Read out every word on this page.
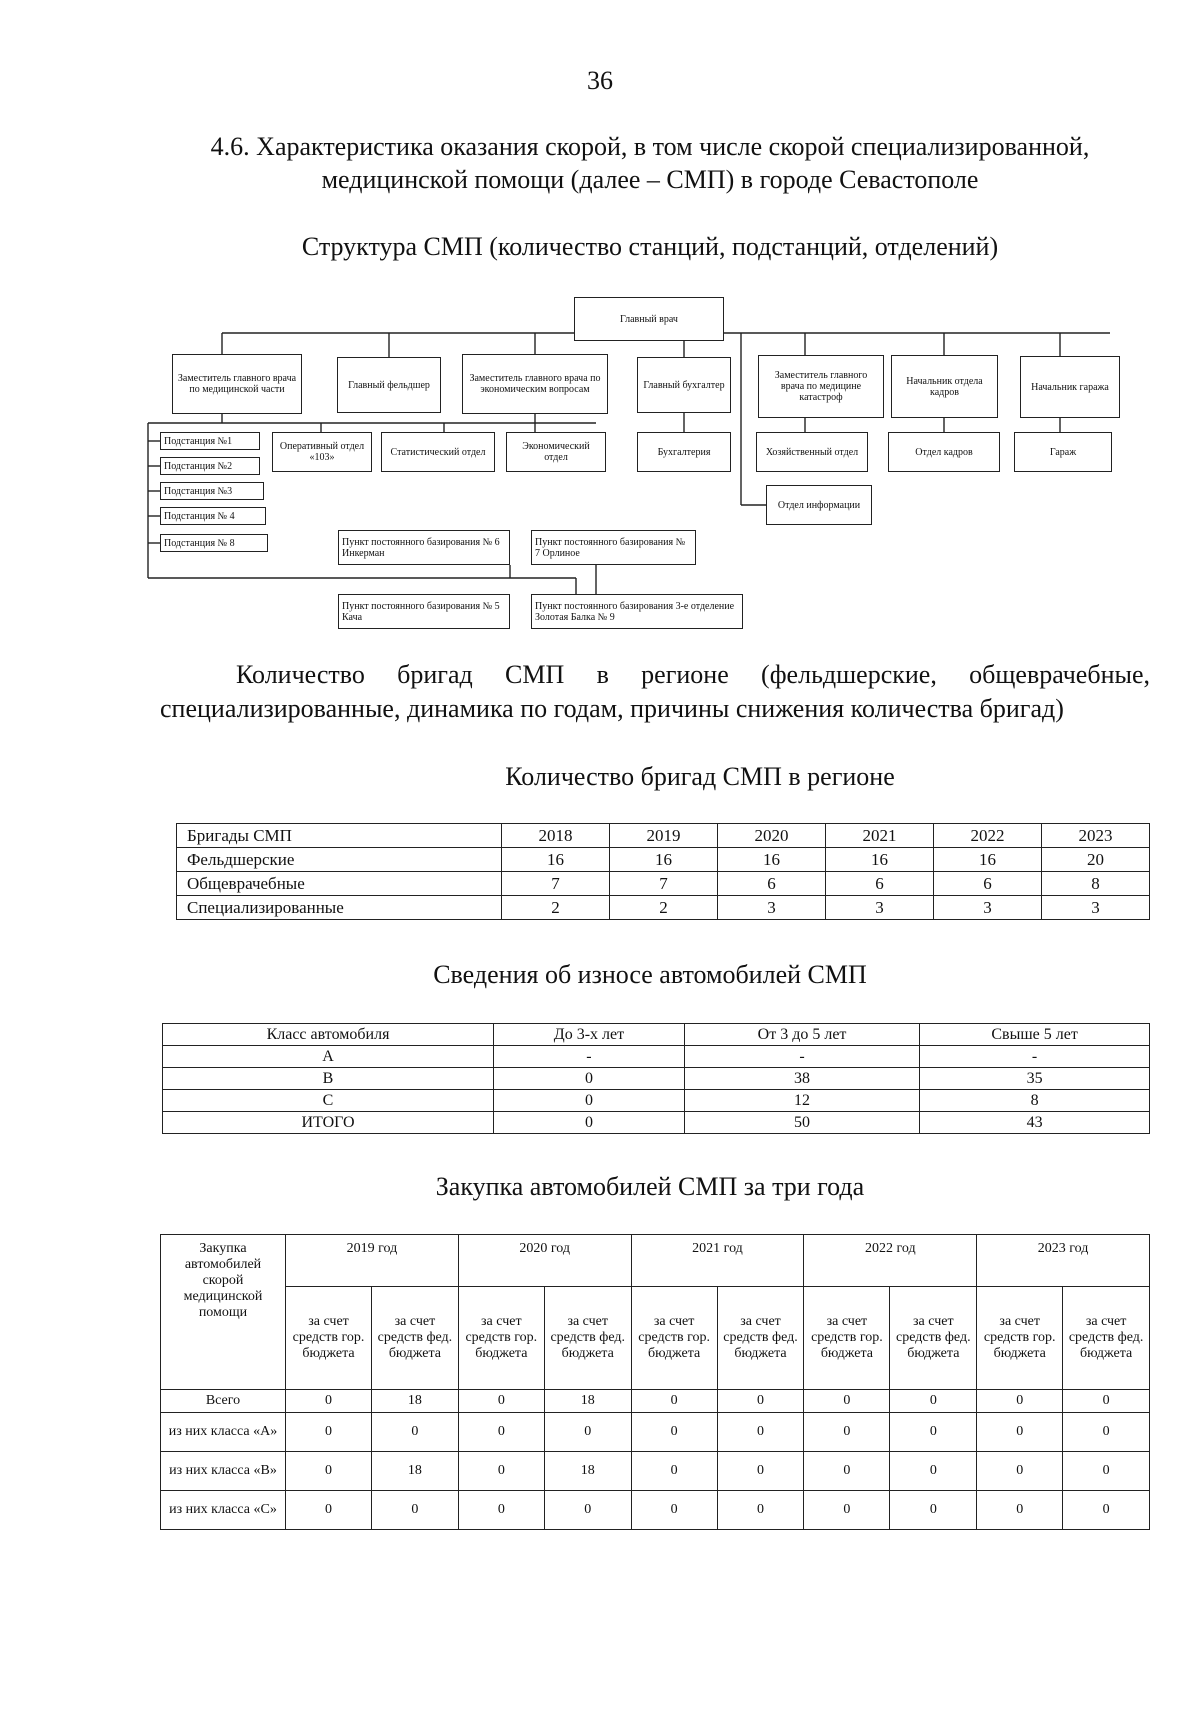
36
4.6. Характеристика оказания скорой, в том числе скорой специализированной, медицинской помощи (далее – СМП) в городе Севастополе
Структура СМП (количество станций, подстанций, отделений)
Главный врач
Заместитель главного врача по медицинской части	Главный фельдшер
Заместитель главного врача по экономическим вопросам	Главный бухгалтер
Заместитель главного врача по медицине катастроф
Начальник отдела кадров	Начальник гаража
Подстанция №1
Подстанция №2
Подстанция №3
Подстанция № 4
Подстанция № 8
Оперативный отдел «103»	Статистический отдел	Экономический отдел	Бухгалтерия	Хозяйственный отдел	Отдел кадров	Гараж
Отдел информации
Пункт постоянного базирования № 6 Инкерман
Пункт постоянного базирования № 7 Орлиное
Пункт постоянного базирования № 5 Кача
Пункт постоянного базирования 3-е отделение Золотая Балка № 9
Количество бригад СМП в регионе (фельдшерские, общеврачебные, специализированные, динамика по годам, причины снижения количества бригад)
Количество бригад СМП в регионе
Бригады СМП	2018	2019	2020	2021	2022	2023
Фельдшерские	16	16	16	16	16	20
Общеврачебные	7	7	6	6	6	8
Специализированные	2	2	3	3	3	3
Сведения об износе автомобилей СМП
Класс автомобиля	До 3-х лет	От 3 до 5 лет	Свыше 5 лет
А	-	-	-
В	0	38	35
С	0	12	8
ИТОГО	0	50	43
Закупка автомобилей СМП за три года
Закупка автомобилей скорой медицинской помощи	2019 год		2020 год		2021 год		2022 год		2023 год	
	за счет средств гор. бюджета	за счет средств фед. бюджета	за счет средств гор. бюджета	за счет средств фед. бюджета	за счет средств гор. бюджета	за счет средств фед. бюджета	за счет средств гор. бюджета	за счет средств фед. бюджета	за счет средств гор. бюджета	за счет средств фед. бюджета
Всего	0	18	0	18	0	0	0	0	0	0
из них класса «А»	0	0	0	0	0	0	0	0	0	0
из них класса «В»	0	18	0	18	0	0	0	0	0	0
из них класса «С»	0	0	0	0	0	0	0	0	0	0
